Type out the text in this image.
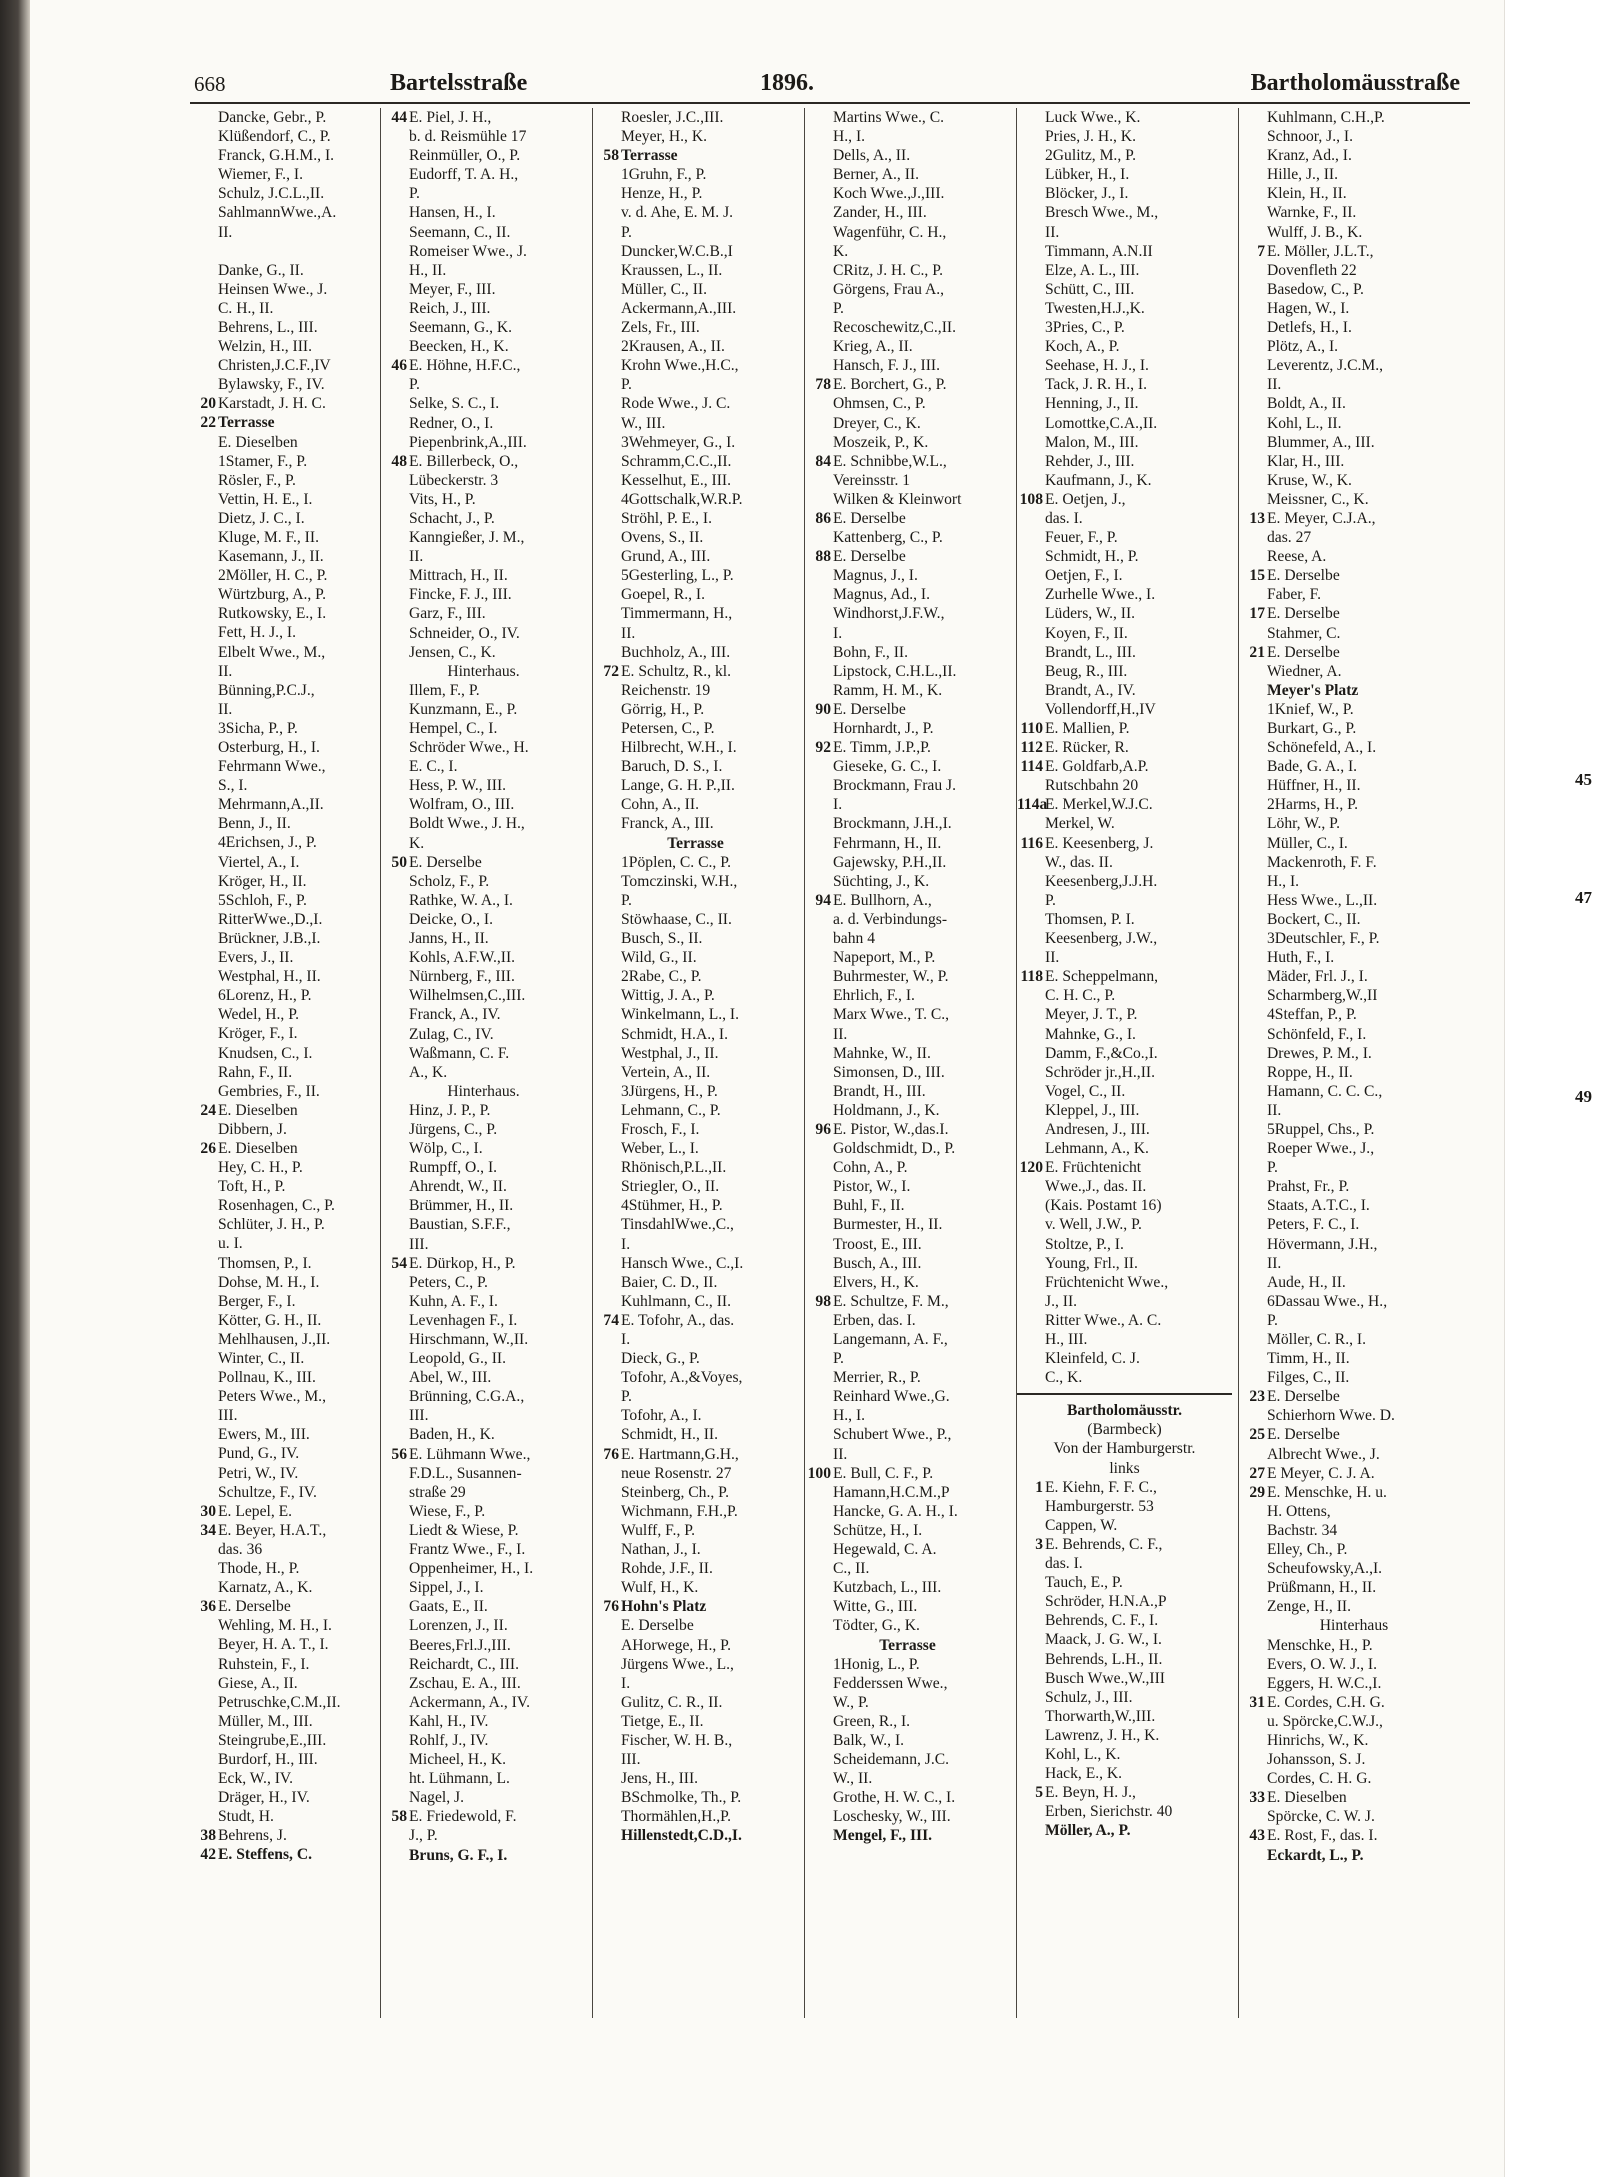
668	Bartelsstraße	1896.	Bartholomäusstraße
Dancke, Gebr., P.
Klüßendorf, C., P.
Franck, G.H.M., I.
Wiemer, F., I.
Schulz, J.C.L.,II.
SahlmannWwe.,A.
II.
Danke, G., II.
Heinsen Wwe., J.
C. H., II.
Behrens, L., III.
Welzin, H., III.
Christen,J.C.F.,IV
Bylawsky, F., IV.
20 Karstadt, J. H. C.
22 Terrasse
E. Dieselben
1Stamer, F., P.
Rösler, F., P.
Vettin, H. E., I.
Dietz, J. C., I.
Kluge, M. F., II.
Kasemann, J., II.
2Möller, H. C., P.
Würtzburg, A., P.
Rutkowsky, E., I.
Fett, H. J., I.
Elbelt Wwe., M.,
II.
Bünning,P.C.J.,
II.
3Sicha, P., P.
Osterburg, H., I.
Fehrmann Wwe.,
S., I.
Mehrmann,A.,II.
Benn, J., II.
4Erichsen, J., P.
Viertel, A., I.
Kröger, H., II.
5Schloh, F., P.
RitterWwe.,D.,I.
Brückner, J.B.,I.
Evers, J., II.
Westphal, H., II.
6Lorenz, H., P.
Wedel, H., P.
Kröger, F., I.
Knudsen, C., I.
Rahn, F., II.
Gembries, F., II.
24 E. Dieselben
Dibbern, J.
26 E. Dieselben
Hey, C. H., P.
Toft, H., P.
Rosenhagen, C., P.
Schlüter, J. H., P.
u. I.
Thomsen, P., I.
Dohse, M. H., I.
Berger, F., I.
Kötter, G. H., II.
Mehlhausen, J.,II.
Winter, C., II.
Pollnau, K., III.
Peters Wwe., M.,
III.
Ewers, M., III.
Pund, G., IV.
Petri, W., IV.
Schultze, F., IV.
30 E. Lepel, E.
34 E. Beyer, H.A.T.,
das. 36
Thode, H., P.
Karnatz, A., K.
36 E. Derselbe
Wehling, M. H., I.
Beyer, H. A. T., I.
Ruhstein, F., I.
Giese, A., II.
Petruschke,C.M.,II.
Müller, M., III.
Steingrube,E.,III.
Burdorf, H., III.
Eck, W., IV.
Dräger, H., IV.
Studt, H.
38 Behrens, J.
42 E. Steffens, C.
44 E. Piel, J. H.,
b. d. Reismühle 17
Reinmüller, O., P.
Eudorff, T. A. H.,
P.
Hansen, H., I.
Seemann, C., II.
Romeiser Wwe., J.
H., II.
Meyer, F., III.
Reich, J., III.
Seemann, G., K.
Beecken, H., K.
46 E. Höhne, H.F.C.,
P.
Selke, S. C., I.
Redner, O., I.
Piepenbrink,A.,III.
48 E. Billerbeck, O.,
Lübeckerstr. 3
Vits, H., P.
Schacht, J., P.
Kanngießer, J. M.,
II.
Mittrach, H., II.
Fincke, F. J., III.
Garz, F., III.
Schneider, O., IV.
Jensen, C., K.
Hinterhaus.
Illem, F., P.
Kunzmann, E., P.
Hempel, C., I.
Schröder Wwe., H.
E. C., I.
Hess, P. W., III.
Wolfram, O., III.
Boldt Wwe., J. H.,
K.
50 E. Derselbe
Scholz, F., P.
Rathke, W. A., I.
Deicke, O., I.
Janns, H., II.
Kohls, A.F.W.,II.
Nürnberg, F., III.
Wilhelmsen,C.,III.
Franck, A., IV.
Zulag, C., IV.
Waßmann, C. F.
A., K.
Hinterhaus.
Hinz, J. P., P.
Jürgens, C., P.
Wölp, C., I.
Rumpff, O., I.
Ahrendt, W., II.
Brümmer, H., II.
Baustian, S.F.F.,
III.
54 E. Dürkop, H., P.
Peters, C., P.
Kuhn, A. F., I.
Levenhagen F., I.
Hirschmann, W.,II.
Leopold, G., II.
Abel, W., III.
Brünning, C.G.A.,
III.
Baden, H., K.
56 E. Lühmann Wwe.,
F.D.L., Susannen-
straße 29
Wiese, F., P.
Liedt & Wiese, P.
Frantz Wwe., F., I.
Oppenheimer, H., I.
Sippel, J., I.
Gaats, E., II.
Lorenzen, J., II.
Beeres,Frl.J.,III.
Reichardt, C., III.
Zschau, E. A., III.
Ackermann, A., IV.
Kahl, H., IV.
Rohlf, J., IV.
Micheel, H., K.
ht. Lühmann, L.
Nagel, J.
58 E. Friedewold, F.
J., P.
Bruns, G. F., I.
Roesler, J.C.,III.
Meyer, H., K.
58 Terrasse
1Gruhn, F., P.
Henze, H., P.
v. d. Ahe, E. M. J.
P.
Duncker,W.C.B.,I
Kraussen, L., II.
Müller, C., II.
Ackermann,A.,III.
Zels, Fr., III.
2Krausen, A., II.
Krohn Wwe.,H.C.,
P.
Rode Wwe., J. C.
W., III.
3Wehmeyer, G., I.
Schramm,C.C.,II.
Kesselhut, E., III.
4Gottschalk,W.R.P.
Ströhl, P. E., I.
Ovens, S., II.
Grund, A., III.
5Gesterling, L., P.
Goepel, R., I.
Timmermann, H.,
II.
Buchholz, A., III.
72 E. Schultz, R., kl.
Reichenstr. 19
Görrig, H., P.
Petersen, C., P.
Hilbrecht, W.H., I.
Baruch, D. S., I.
Lange, G. H. P.,II.
Cohn, A., II.
Franck, A., III.
Terrasse
1Pöplen, C. C., P.
Tomczinski, W.H.,
P.
Stöwhaase, C., II.
Busch, S., II.
Wild, G., II.
2Rabe, C., P.
Wittig, J. A., P.
Winkelmann, L., I.
Schmidt, H.A., I.
Westphal, J., II.
Vertein, A., II.
3Jürgens, H., P.
Lehmann, C., P.
Frosch, F., I.
Weber, L., I.
Rhönisch,P.L.,II.
Striegler, O., II.
4Stühmer, H., P.
TinsdahlWwe.,C.,
I.
Hansch Wwe., C.,I.
Baier, C. D., II.
Kuhlmann, C., II.
74 E. Tofohr, A., das.
I.
Dieck, G., P.
Tofohr, A.,&Voyes,
P.
Tofohr, A., I.
Schmidt, H., II.
76 E. Hartmann,G.H.,
neue Rosenstr. 27
Steinberg, Ch., P.
Wichmann, F.H.,P.
Wulff, F., P.
Nathan, J., I.
Rohde, J.F., II.
Wulf, H., K.
76 Hohn's Platz
E. Derselbe
AHorwege, H., P.
Jürgens Wwe., L.,
I.
Gulitz, C. R., II.
Tietge, E., II.
Fischer, W. H. B.,
III.
Jens, H., III.
BSchmolke, Th., P.
Thormählen,H.,P.
Hillenstedt,C.D.,I.
Martins Wwe., C.
H., I.
Dells, A., II.
Berner, A., II.
Koch Wwe.,J.,III.
Zander, H., III.
Wagenführ, C. H.,
K.
CRitz, J. H. C., P.
Görgens, Frau A.,
P.
Recoschewitz,C.,II.
Krieg, A., II.
Hansch, F. J., III.
78 E. Borchert, G., P.
Ohmsen, C., P.
Dreyer, C., K.
Moszeik, P., K.
84 E. Schnibbe,W.L.,
Vereinsstr. 1
Wilken & Kleinwort
86 E. Derselbe
Kattenberg, C., P.
88 E. Derselbe
Magnus, J., I.
Magnus, Ad., I.
Windhorst,J.F.W.,
I.
Bohn, F., II.
Lipstock, C.H.L.,II.
Ramm, H. M., K.
90 E. Derselbe
Hornhardt, J., P.
92 E. Timm, J.P.,P.
Gieseke, G. C., I.
Brockmann, Frau J.
I.
Brockmann, J.H.,I.
Fehrmann, H., II.
Gajewsky, P.H.,II.
Süchting, J., K.
94 E. Bullhorn, A.,
a. d. Verbindungs-
bahn 4
Napeport, M., P.
Buhrmester, W., P.
Ehrlich, F., I.
Marx Wwe., T. C.,
II.
Mahnke, W., II.
Simonsen, D., III.
Brandt, H., III.
Holdmann, J., K.
96 E. Pistor, W.,das.I.
Goldschmidt, D., P.
Cohn, A., P.
Pistor, W., I.
Buhl, F., II.
Burmester, H., II.
Troost, E., III.
Busch, A., III.
Elvers, H., K.
98 E. Schultze, F. M.,
Erben, das. I.
Langemann, A. F.,
P.
Merrier, R., P.
Reinhard Wwe.,G.
H., I.
Schubert Wwe., P.,
II.
100 E. Bull, C. F., P.
Hamann,H.C.M.,P
Hancke, G. A. H., I.
Schütze, H., I.
Hegewald, C. A.
C., II.
Kutzbach, L., III.
Witte, G., III.
Tödter, G., K.
Terrasse
1Honig, L., P.
Fedderssen Wwe.,
W., P.
Green, R., I.
Balk, W., I.
Scheidemann, J.C.
W., II.
Grothe, H. W. C., I.
Loschesky, W., III.
Mengel, F., III.
Luck Wwe., K.
Pries, J. H., K.
2Gulitz, M., P.
Lübker, H., I.
Blöcker, J., I.
Bresch Wwe., M.,
II.
Timmann, A.N.II
Elze, A. L., III.
Schütt, C., III.
Twesten,H.J.,K.
3Pries, C., P.
Koch, A., P.
Seehase, H. J., I.
Tack, J. R. H., I.
Henning, J., II.
Lomottke,C.A.,II.
Malon, M., III.
Rehder, J., III.
Kaufmann, J., K.
108 E. Oetjen, J.,
das. I.
Feuer, F., P.
Schmidt, H., P.
Oetjen, F., I.
Zurhelle Wwe., I.
Lüders, W., II.
Koyen, F., II.
Brandt, L., III.
Beug, R., III.
Brandt, A., IV.
Vollendorff,H.,IV
110 E. Mallien, P.
112 E. Rücker, R.
114 E. Goldfarb,A.P.
Rutschbahn 20
114a
E. Merkel,W.J.C.
Merkel, W.
116 E. Keesenberg, J.
W., das. II.
Keesenberg,J.J.H.
P.
Thomsen, P. I.
Keesenberg, J.W.,
II.
118 E. Scheppelmann,
C. H. C., P.
Meyer, J. T., P.
Mahnke, G., I.
Damm, F.,&Co.,I.
Schröder jr.,H.,II.
Vogel, C., II.
Kleppel, J., III.
Andresen, J., III.
Lehmann, A., K.
120 E. Früchtenicht
Wwe.,J., das. II.
(Kais. Postamt 16)
v. Well, J.W., P.
Stoltze, P., I.
Young, Frl., II.
Früchtenicht Wwe.,
J., II.
Ritter Wwe., A. C.
H., III.
Kleinfeld, C. J.
C., K.
Bartholomäusstr.
(Barmbeck)
Von der Hamburgerstr.
links
1 E. Kiehn, F. F. C.,
Hamburgerstr. 53
Cappen, W.
3 E. Behrends, C. F.,
das. I.
Tauch, E., P.
Schröder, H.N.A.,P
Behrends, C. F., I.
Maack, J. G. W., I.
Behrends, L.H., II.
Busch Wwe.,W.,III
Schulz, J., III.
Thorwarth,W.,III.
Lawrenz, J. H., K.
Kohl, L., K.
Hack, E., K.
5 E. Beyn, H. J.,
Erben, Sierichstr. 40
Möller, A., P.
Kuhlmann, C.H.,P.
Schnoor, J., I.
Kranz, Ad., I.
Hille, J., II.
Klein, H., II.
Warnke, F., II.
Wulff, J. B., K.
7 E. Möller, J.L.T.,
Dovenfleth 22
Basedow, C., P.
Hagen, W., I.
Detlefs, H., I.
Plötz, A., I.
Leverentz, J.C.M.,
II.
Boldt, A., II.
Kohl, L., II.
Blummer, A., III.
Klar, H., III.
Kruse, W., K.
Meissner, C., K.
13 E. Meyer, C.J.A.,
das. 27
Reese, A.
15 E. Derselbe
Faber, F.
17 E. Derselbe
Stahmer, C.
21 E. Derselbe
Wiedner, A.
Meyer's Platz
1Knief, W., P.
Burkart, G., P.
Schönefeld, A., I.
Bade, G. A., I.
Hüffner, H., II.
2Harms, H., P.
Löhr, W., P.
Müller, C., I.
Mackenroth, F. F.
H., I.
Hess Wwe., L.,II.
Bockert, C., II.
3Deutschler, F., P.
Huth, F., I.
Mäder, Frl. J., I.
Scharmberg,W.,II
4Steffan, P., P.
Schönfeld, F., I.
Drewes, P. M., I.
Roppe, H., II.
Hamann, C. C. C.,
II.
5Ruppel, Chs., P.
Roeper Wwe., J.,
P.
Prahst, Fr., P.
Staats, A.T.C., I.
Peters, F. C., I.
Hövermann, J.H.,
II.
Aude, H., II.
6Dassau Wwe., H.,
P.
Möller, C. R., I.
Timm, H., II.
Filges, C., II.
23 E. Derselbe
Schierhorn Wwe. D.
25 E. Derselbe
Albrecht Wwe., J.
27 E Meyer, C. J. A.
29 E. Menschke, H. u.
H. Ottens,
Bachstr. 34
Elley, Ch., P.
Scheufowsky,A.,I.
Prüßmann, H., II.
Zenge, H., II.
Hinterhaus
Menschke, H., P.
Evers, O. W. J., I.
Eggers, H. W.C.,I.
31 E. Cordes, C.H. G.
u. Spörcke,C.W.J.,
Hinrichs, W., K.
Johansson, S. J.
Cordes, C. H. G.
33 E. Dieselben
Spörcke, C. W. J.
43 E. Rost, F., das. I.
Eckardt, L., P.
45
47
49
